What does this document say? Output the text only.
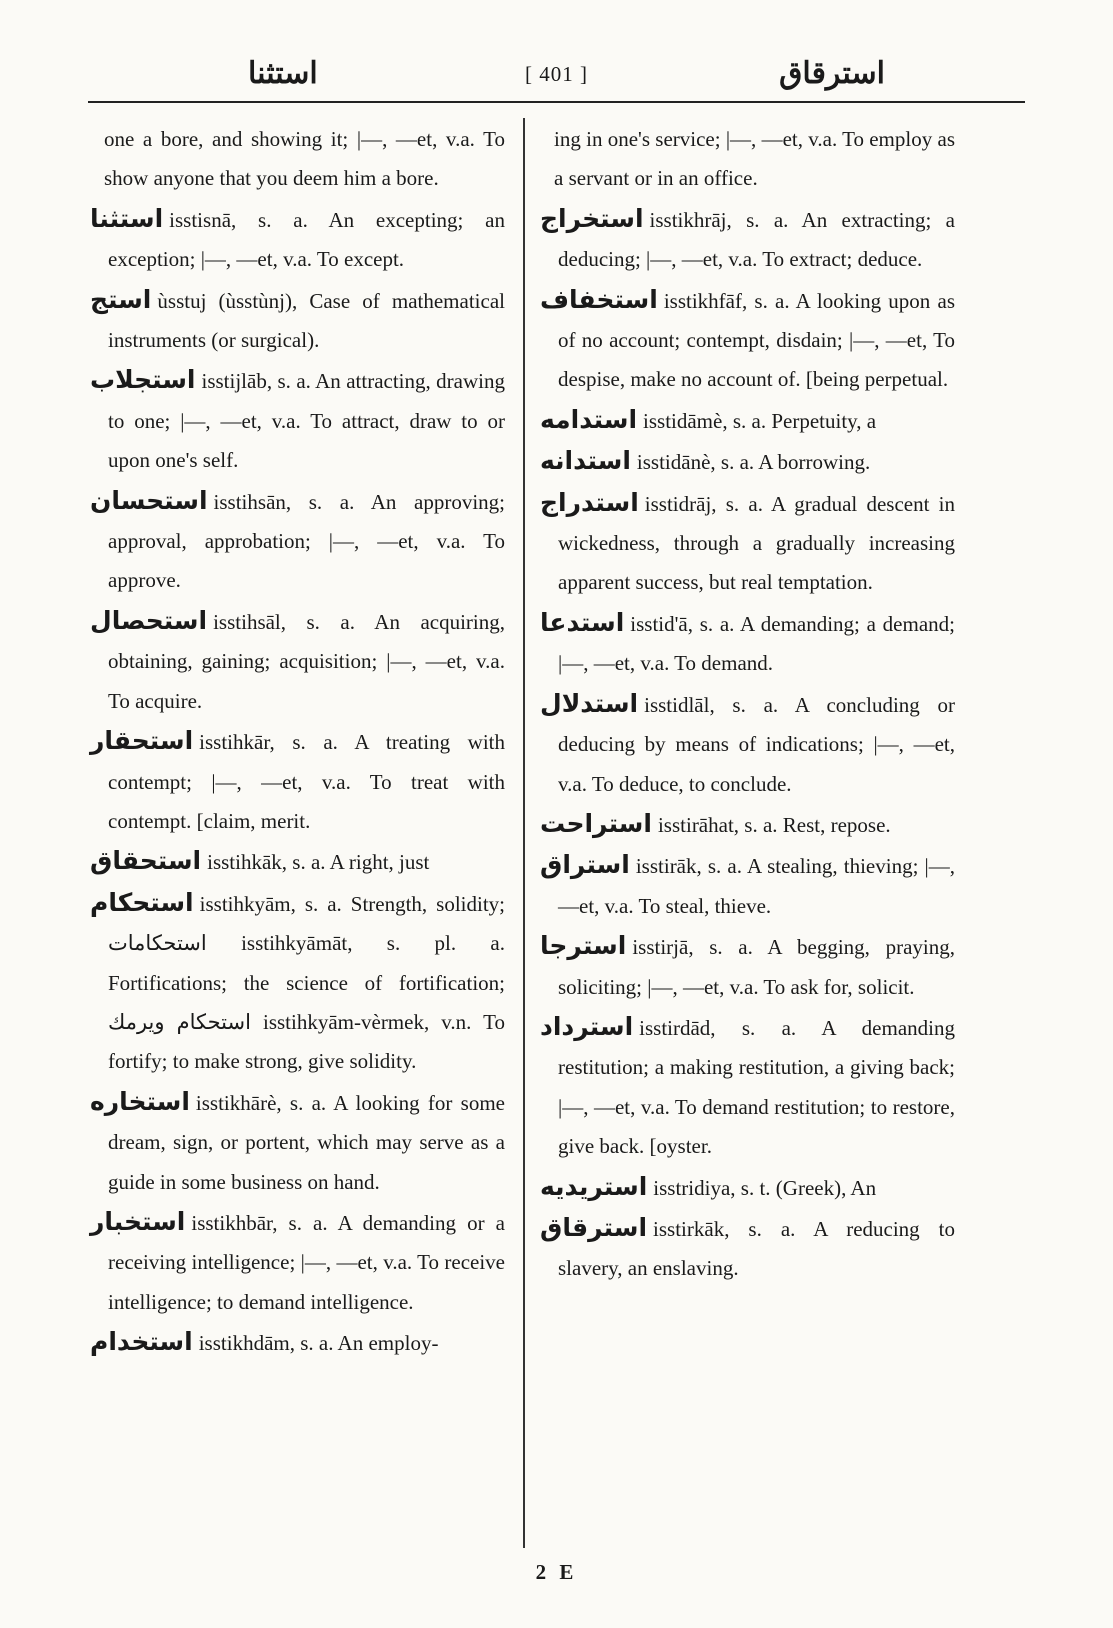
استثنا	[ 401 ]	استرقاق

one a bore, and showing it; |—, —et, v.a. To show anyone that you deem him a bore.

استثنا isstisnā, s. a. An excepting; an exception; |—, —et, v.a. To except.

استج ùsstuj (ùsstùnj), Case of mathematical instruments (or surgical).

استجلاب isstijlāb, s. a. An attracting, drawing to one; |—, —et, v.a. To attract, draw to or upon one's self.

استحسان isstihsān, s. a. An approving; approval, approbation; |—, —et, v.a. To approve.

استحصال isstihsāl, s. a. An acquiring, obtaining, gaining; acquisition; |—, —et, v.a. To acquire.

استحقار isstihkār, s. a. A treating with contempt; |—, —et, v.a. To treat with contempt. [claim, merit.

استحقاق isstihkāk, s. a. A right, just

استحكام isstihkyām, s. a. Strength, solidity; استحكامات isstihkyāmāt, s. pl. a. Fortifications; the science of fortification; استحكام ويرمك isstihkyām-vèrmek, v.n. To fortify; to make strong, give solidity.

استخاره isstikhārè, s. a. A looking for some dream, sign, or portent, which may serve as a guide in some business on hand.

استخبار isstikhbār, s. a. A demanding or a receiving intelligence; |—, —et, v.a. To receive intelligence; to demand intelligence.

استخدام isstikhdām, s. a. An employ-

ing in one's service; |—, —et, v.a. To employ as a servant or in an office.

استخراج isstikhrāj, s. a. An extracting; a deducing; |—, —et, v.a. To extract; deduce.

استخفاف isstikhfāf, s. a. A looking upon as of no account; contempt, disdain; |—, —et, To despise, make no account of. [being perpetual.

استدامه isstidāmè, s. a. Perpetuity, a

استدانه isstidānè, s. a. A borrowing.

استدراج isstidrāj, s. a. A gradual descent in wickedness, through a gradually increasing apparent success, but real temptation.

استدعا isstid'ā, s. a. A demanding; a demand; |—, —et, v.a. To demand.

استدلال isstidlāl, s. a. A concluding or deducing by means of indications; |—, —et, v.a. To deduce, to conclude.

استراحت isstirāhat, s. a. Rest, repose.

استراق isstirāk, s. a. A stealing, thieving; |—, —et, v.a. To steal, thieve.

استرجا isstirjā, s. a. A begging, praying, soliciting; |—, —et, v.a. To ask for, solicit.

استرداد isstirdād, s. a. A demanding restitution; a making restitution, a giving back; |—, —et, v.a. To demand restitution; to restore, give back. [oyster.

استريديه isstridiya, s. t. (Greek), An

استرقاق isstirkāk, s. a. A reducing to slavery, an enslaving.

2 E
